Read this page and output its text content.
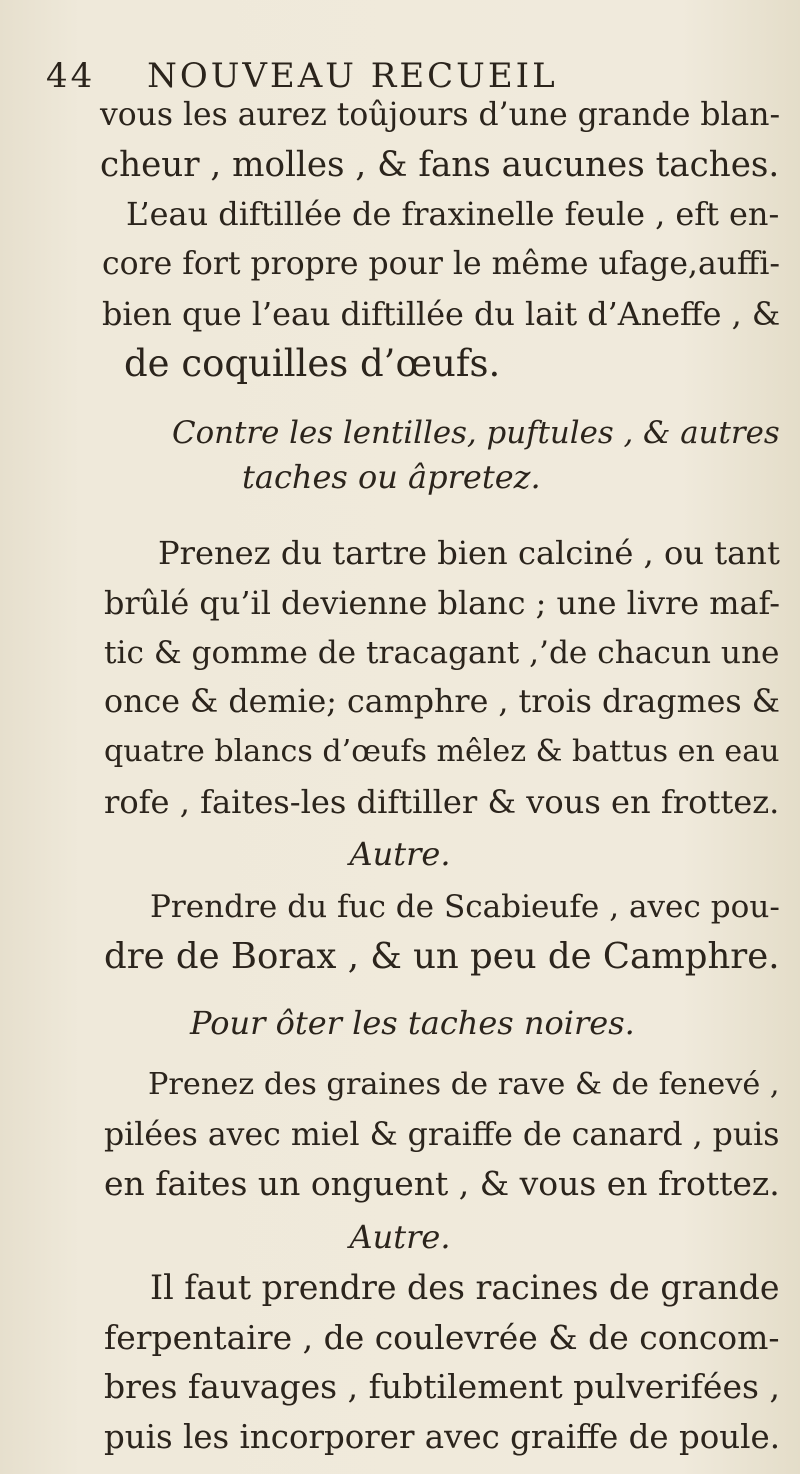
44 NOUVEAU RECUEIL
vous les aurez toûjours d’une grande blan-
cheur , molles , & fans aucunes taches.
L’eau diftillée de fraxinelle feule , eft en-
core fort propre pour le même ufage,auffi-
bien que l’eau diftillée du lait d’Aneffe , &
de coquilles d’œufs.
Contre les lentilles, puftules , & autres
taches ou âpretez.
Prenez du tartre bien calciné , ou tant
brûlé qu’il devienne blanc ; une livre maf-
tic & gomme de tracagant ,’de chacun une
once & demie; camphre , trois dragmes &
quatre blancs d’œufs mêlez & battus en eau
rofe , faites-les diftiller & vous en frottez.
Autre.
Prendre du fuc de Scabieufe , avec pou-
dre de Borax , & un peu de Camphre.
Pour ôter les taches noires.
Prenez des graines de rave & de fenevé ,
pilées avec miel & graiffe de canard , puis
en faites un onguent , & vous en frottez.
Autre.
Il faut prendre des racines de grande
ferpentaire , de coulevrée & de concom-
bres fauvages , fubtilement pulverifées ,
puis les incorporer avec graiffe de poule.
